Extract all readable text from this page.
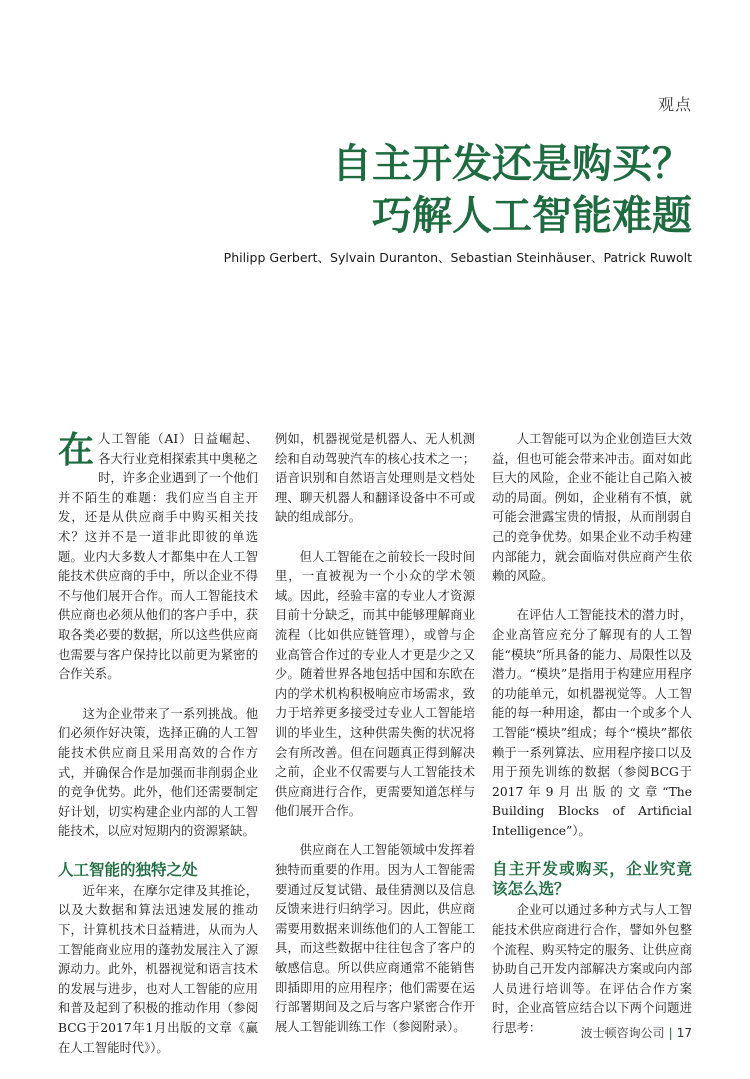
观点
自主开发还是购买？
巧解人工智能难题
Philipp Gerbert、Sylvain Duranton、Sebastian Steinhäuser、Patrick Ruwolt

在人工智能（AI）日益崛起、各大行业竞相探索其中奥秘之时，许多企业遇到了一个他们并不陌生的难题：我们应当自主开发，还是从供应商手中购买相关技术？这并不是一道非此即彼的单选题。业内大多数人才都集中在人工智能技术供应商的手中，所以企业不得不与他们展开合作。而人工智能技术供应商也必须从他们的客户手中，获取各类必要的数据，所以这些供应商也需要与客户保持比以前更为紧密的合作关系。

这为企业带来了一系列挑战。他们必须作好决策，选择正确的人工智能技术供应商且采用高效的合作方式，并确保合作是加强而非削弱企业的竞争优势。此外，他们还需要制定好计划，切实构建企业内部的人工智能技术，以应对短期内的资源紧缺。

人工智能的独特之处

近年来，在摩尔定律及其推论，以及大数据和算法迅速发展的推动下，计算机技术日益精进，从而为人工智能商业应用的蓬勃发展注入了源源动力。此外，机器视觉和语言技术的发展与进步，也对人工智能的应用和普及起到了积极的推动作用（参阅BCG于2017年1月出版的文章《赢在人工智能时代》）。

例如，机器视觉是机器人、无人机测绘和自动驾驶汽车的核心技术之一；语音识别和自然语言处理则是文档处理、聊天机器人和翻译设备中不可或缺的组成部分。

但人工智能在之前较长一段时间里，一直被视为一个小众的学术领域。因此，经验丰富的专业人才资源目前十分缺乏，而其中能够理解商业流程（比如供应链管理），或曾与企业高管合作过的专业人才更是少之又少。随着世界各地包括中国和东欧在内的学术机构积极响应市场需求，致力于培养更多接受过专业人工智能培训的毕业生，这种供需失衡的状况将会有所改善。但在问题真正得到解决之前，企业不仅需要与人工智能技术供应商进行合作，更需要知道怎样与他们展开合作。

供应商在人工智能领域中发挥着独特而重要的作用。因为人工智能需要通过反复试错、最佳猜测以及信息反馈来进行归纳学习。因此，供应商需要用数据来训练他们的人工智能工具，而这些数据中往往包含了客户的敏感信息。所以供应商通常不能销售即插即用的应用程序；他们需要在运行部署期间及之后与客户紧密合作开展人工智能训练工作（参阅附录）。

人工智能可以为企业创造巨大效益，但也可能会带来冲击。面对如此巨大的风险，企业不能让自己陷入被动的局面。例如，企业稍有不慎，就可能会泄露宝贵的情报，从而削弱自己的竞争优势。如果企业不动手构建内部能力，就会面临对供应商产生依赖的风险。

在评估人工智能技术的潜力时，企业高管应充分了解现有的人工智能“模块”所具备的能力、局限性以及潜力。“模块”是指用于构建应用程序的功能单元，如机器视觉等。人工智能的每一种用途，都由一个或多个人工智能“模块”组成；每个“模块”都依赖于一系列算法、应用程序接口以及用于预先训练的数据（参阅BCG于2017年9月出版的文章“The Building Blocks of Artificial Intelligence”）。

自主开发或购买，企业究竟该怎么选？

企业可以通过多种方式与人工智能技术供应商进行合作，譬如外包整个流程、购买特定的服务、让供应商协助自己开发内部解决方案或向内部人员进行培训等。在评估合作方案时，企业高管应结合以下两个问题进行思考：	波士顿咨询公司 | 17
